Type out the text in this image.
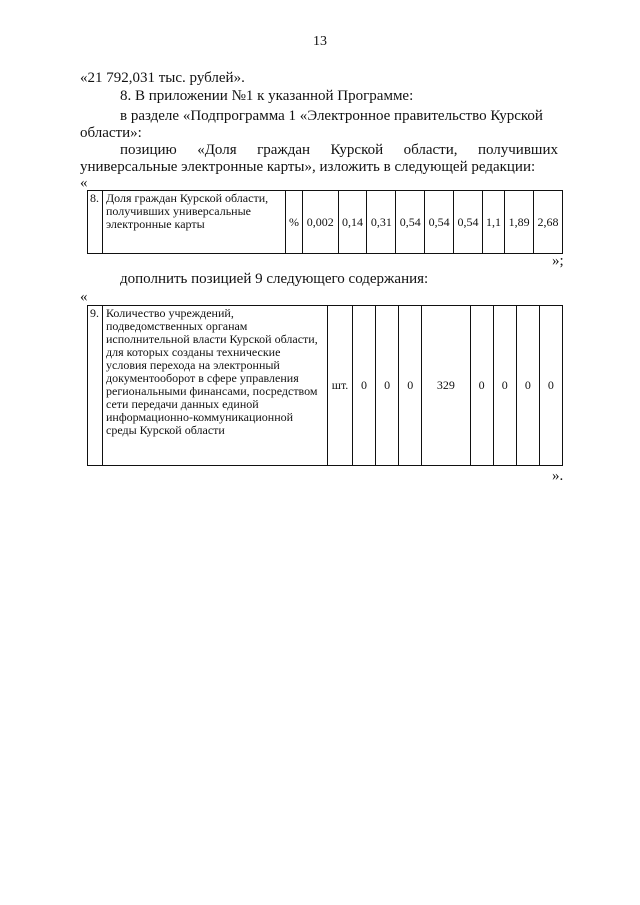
13
«21 792,031 тыс. рублей».
8. В приложении №1 к указанной Программе:
в разделе «Подпрограмма 1 «Электронное правительство Курской
области»:
позицию «Доля граждан Курской области, получивших
универсальные электронные карты», изложить в следующей редакции:
«
8.	Доля граждан Курской области, получивших универсальные электронные карты	%	0,002	0,14	0,31	0,54	0,54	0,54	1,1	1,89	2,68
»;
дополнить позицией 9 следующего содержания:
«
9.	Количество учреждений, подведомственных органам исполнительной власти Курской области, для которых созданы технические условия перехода на электронный документооборот в сфере управления региональными финансами, посредством сети передачи данных единой информационно-коммуникационной среды Курской области	шт.	0	0	0	329	0	0	0	0
».
